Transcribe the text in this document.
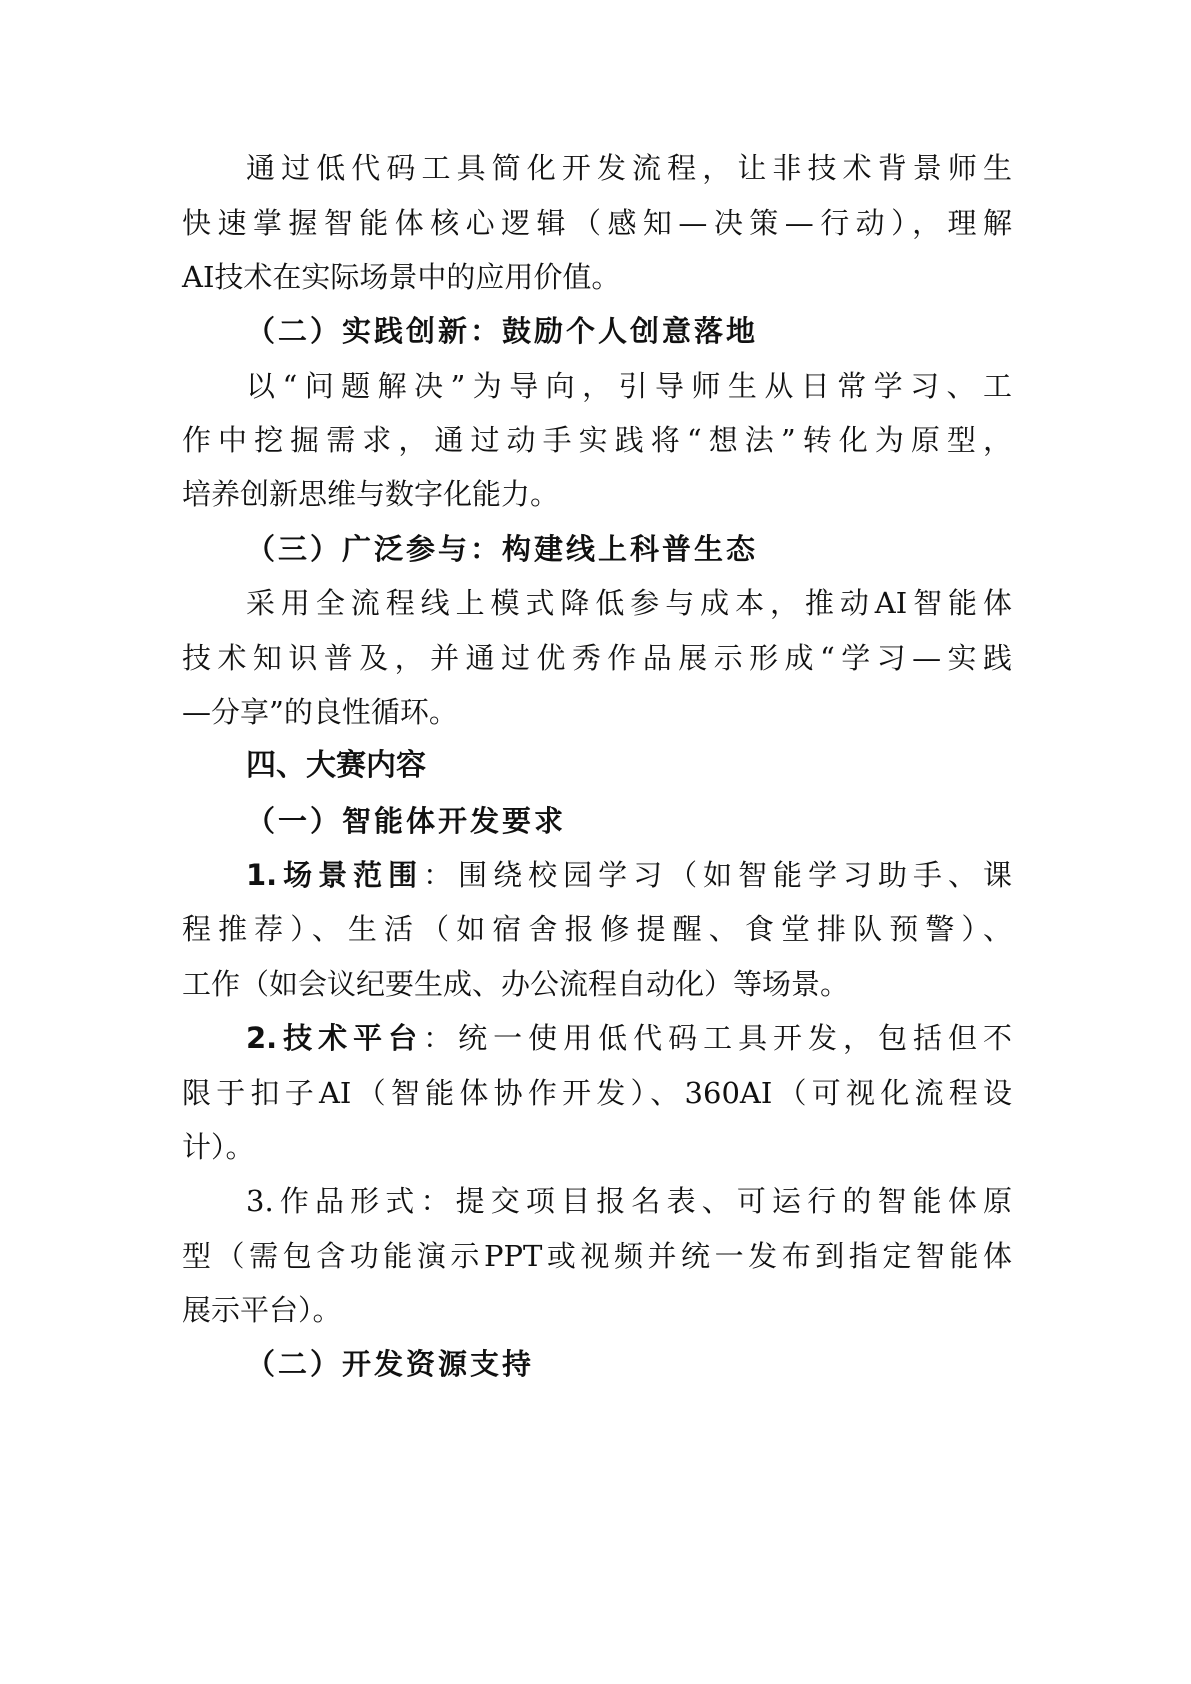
通过低代码工具简化开发流程，让非技术背景师生
快速掌握智能体核心逻辑（感知—决策—行动），理解
AI技术在实际场景中的应用价值。
（二）实践创新：鼓励个人创意落地
以“问题解决”为导向，引导师生从日常学习、工
作中挖掘需求，通过动手实践将“想法”转化为原型，
培养创新思维与数字化能力。
（三）广泛参与：构建线上科普生态
采用全流程线上模式降低参与成本，推动AI智能体
技术知识普及，并通过优秀作品展示形成“学习—实践
—分享”的良性循环。
四、大赛内容
（一）智能体开发要求
1.场景范围：围绕校园学习（如智能学习助手、课
程推荐）、生活（如宿舍报修提醒、食堂排队预警）、
工作（如会议纪要生成、办公流程自动化）等场景。
2.技术平台：统一使用低代码工具开发，包括但不
限于扣子AI（智能体协作开发）、360AI（可视化流程设
计）。
3.作品形式：提交项目报名表、可运行的智能体原
型（需包含功能演示PPT或视频并统一发布到指定智能体
展示平台）。
（二）开发资源支持
